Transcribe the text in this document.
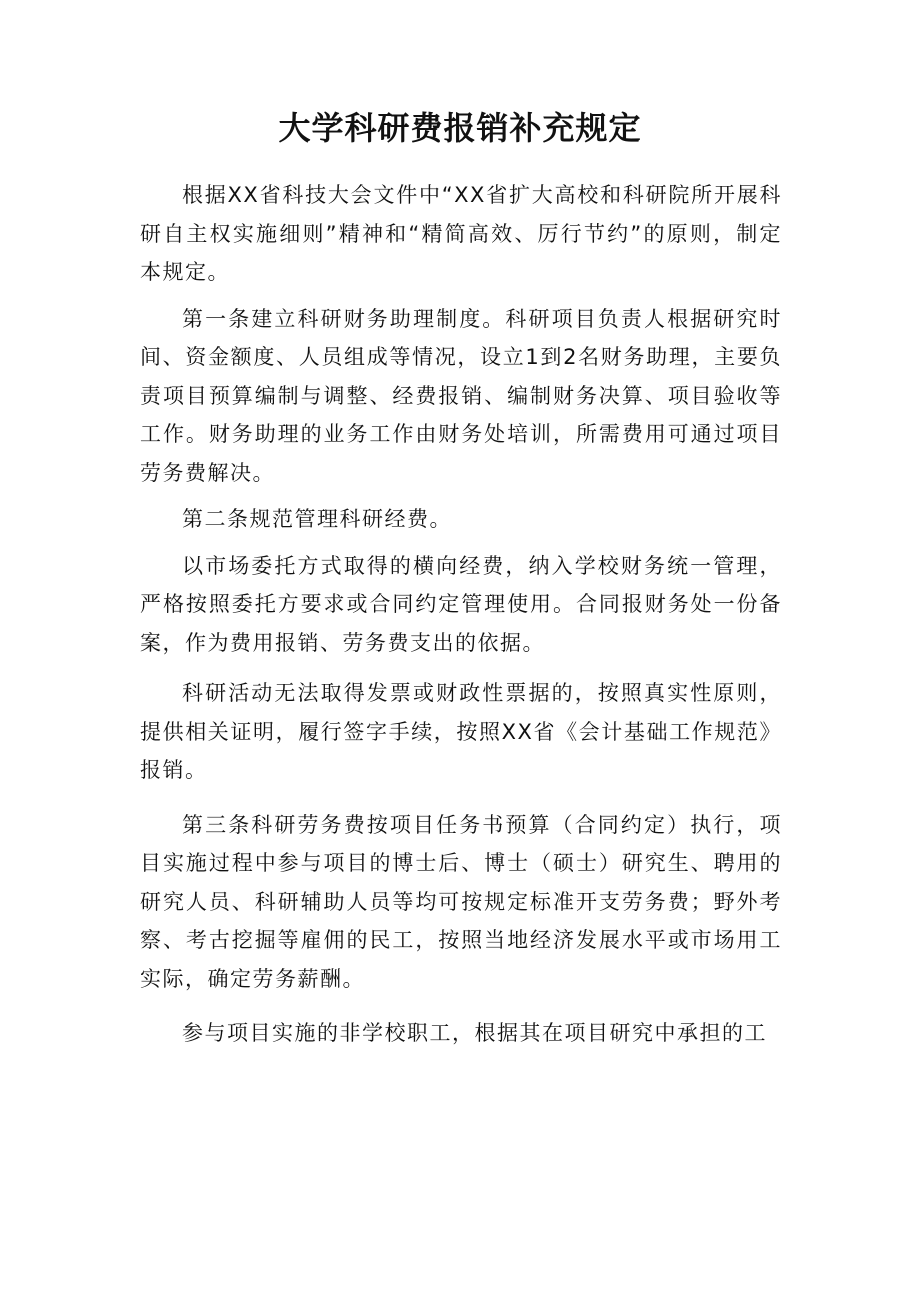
大学科研费报销补充规定

根据XX省科技大会文件中“XX省扩大高校和科研院所开展科研自主权实施细则”精神和“精简高效、厉行节约”的原则，制定本规定。

第一条建立科研财务助理制度。科研项目负责人根据研究时间、资金额度、人员组成等情况，设立1到2名财务助理，主要负责项目预算编制与调整、经费报销、编制财务决算、项目验收等工作。财务助理的业务工作由财务处培训，所需费用可通过项目劳务费解决。

第二条规范管理科研经费。

以市场委托方式取得的横向经费，纳入学校财务统一管理，严格按照委托方要求或合同约定管理使用。合同报财务处一份备案，作为费用报销、劳务费支出的依据。

科研活动无法取得发票或财政性票据的，按照真实性原则，提供相关证明，履行签字手续，按照XX省《会计基础工作规范》报销。

第三条科研劳务费按项目任务书预算（合同约定）执行，项目实施过程中参与项目的博士后、博士（硕士）研究生、聘用的研究人员、科研辅助人员等均可按规定标准开支劳务费；野外考察、考古挖掘等雇佣的民工，按照当地经济发展水平或市场用工实际，确定劳务薪酬。

参与项目实施的非学校职工，根据其在项目研究中承担的工
